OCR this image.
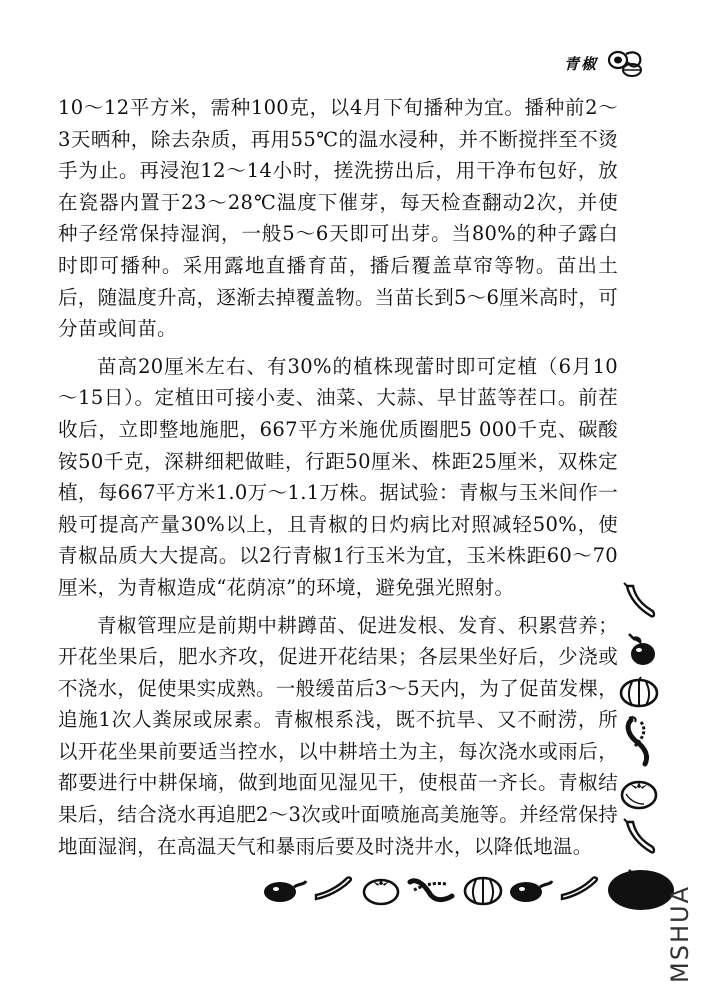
青椒

10～12平方米，需种100克，以4月下旬播种为宜。播种前2～3天晒种，除去杂质，再用55℃的温水浸种，并不断搅拌至不烫手为止。再浸泡12～14小时，搓洗捞出后，用干净布包好，放在瓷器内置于23～28℃温度下催芽，每天检查翻动2次，并使种子经常保持湿润，一般5～6天即可出芽。当80%的种子露白时即可播种。采用露地直播育苗，播后覆盖草帘等物。苗出土后，随温度升高，逐渐去掉覆盖物。当苗长到5～6厘米高时，可分苗或间苗。

苗高20厘米左右、有30%的植株现蕾时即可定植（6月10～15日）。定植田可接小麦、油菜、大蒜、早甘蓝等茬口。前茬收后，立即整地施肥，667平方米施优质圈肥5 000千克、碳酸铵50千克，深耕细耙做畦，行距50厘米、株距25厘米，双株定植，每667平方米1.0万～1.1万株。据试验：青椒与玉米间作一般可提高产量30%以上，且青椒的日灼病比对照减轻50%，使青椒品质大大提高。以2行青椒1行玉米为宜，玉米株距60～70厘米，为青椒造成“花荫凉”的环境，避免强光照射。

青椒管理应是前期中耕蹲苗、促进发根、发育、积累营养；开花坐果后，肥水齐攻，促进开花结果；各层果坐好后，少浇或不浇水，促使果实成熟。一般缓苗后3～5天内，为了促苗发棵，追施1次人粪尿或尿素。青椒根系浅，既不抗旱、又不耐涝，所以开花坐果前要适当控水，以中耕培土为主，每次浇水或雨后，都要进行中耕保墒，做到地面见湿见干，使根苗一齐长。青椒结果后，结合浇水再追肥2～3次或叶面喷施高美施等。并经常保持地面湿润，在高温天气和暴雨后要及时浇井水，以降低地温。

MSHUA
